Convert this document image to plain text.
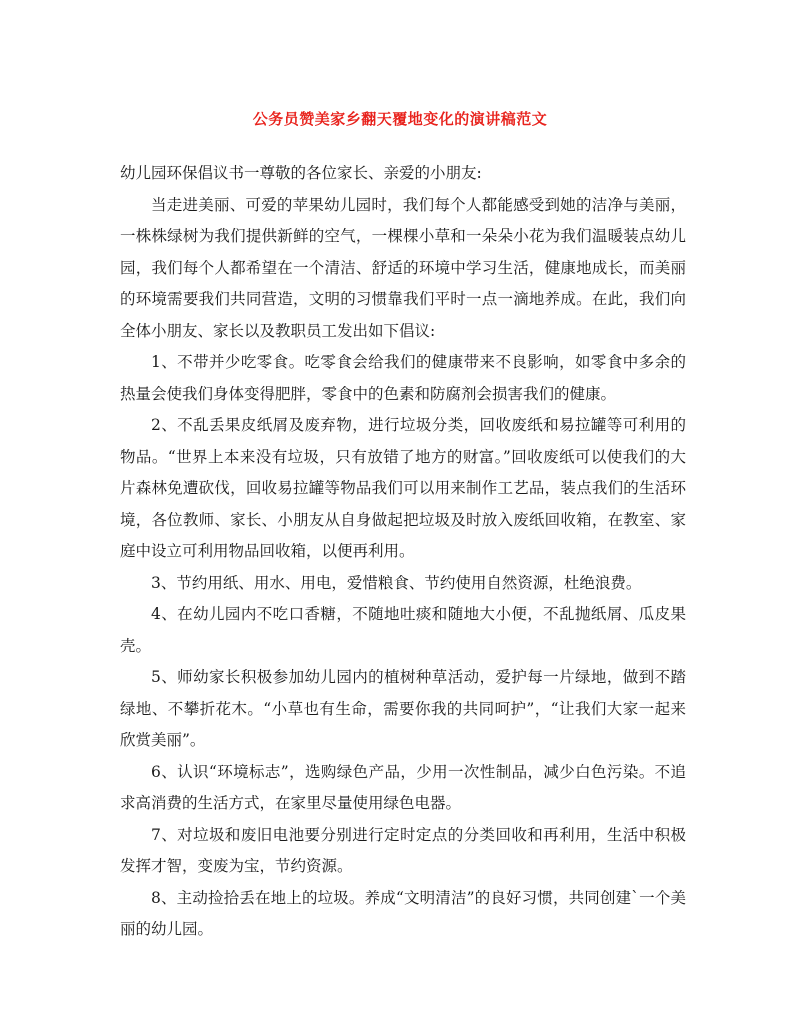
公务员赞美家乡翻天覆地变化的演讲稿范文

幼儿园环保倡议书一尊敬的各位家长、亲爱的小朋友:

当走进美丽、可爱的苹果幼儿园时，我们每个人都能感受到她的洁净与美丽，一株株绿树为我们提供新鲜的空气，一棵棵小草和一朵朵小花为我们温暖装点幼儿园，我们每个人都希望在一个清洁、舒适的环境中学习生活，健康地成长，而美丽的环境需要我们共同营造，文明的习惯靠我们平时一点一滴地养成。在此，我们向全体小朋友、家长以及教职员工发出如下倡议:

1、不带并少吃零食。吃零食会给我们的健康带来不良影响，如零食中多余的热量会使我们身体变得肥胖，零食中的色素和防腐剂会损害我们的健康。

2、不乱丢果皮纸屑及废弃物，进行垃圾分类，回收废纸和易拉罐等可利用的物品。“世界上本来没有垃圾，只有放错了地方的财富。”回收废纸可以使我们的大片森林免遭砍伐，回收易拉罐等物品我们可以用来制作工艺品，装点我们的生活环境，各位教师、家长、小朋友从自身做起把垃圾及时放入废纸回收箱，在教室、家庭中设立可利用物品回收箱，以便再利用。

3、节约用纸、用水、用电，爱惜粮食、节约使用自然资源，杜绝浪费。

4、在幼儿园内不吃口香糖，不随地吐痰和随地大小便，不乱抛纸屑、瓜皮果壳。

5、师幼家长积极参加幼儿园内的植树种草活动，爱护每一片绿地，做到不踏绿地、不攀折花木。“小草也有生命，需要你我的共同呵护”，“让我们大家一起来欣赏美丽”。

6、认识“环境标志”，选购绿色产品，少用一次性制品，减少白色污染。不追求高消费的生活方式，在家里尽量使用绿色电器。

7、对垃圾和废旧电池要分别进行定时定点的分类回收和再利用，生活中积极发挥才智，变废为宝，节约资源。

8、主动捡拾丢在地上的垃圾。养成“文明清洁”的良好习惯，共同创建`一个美丽的幼儿园。
